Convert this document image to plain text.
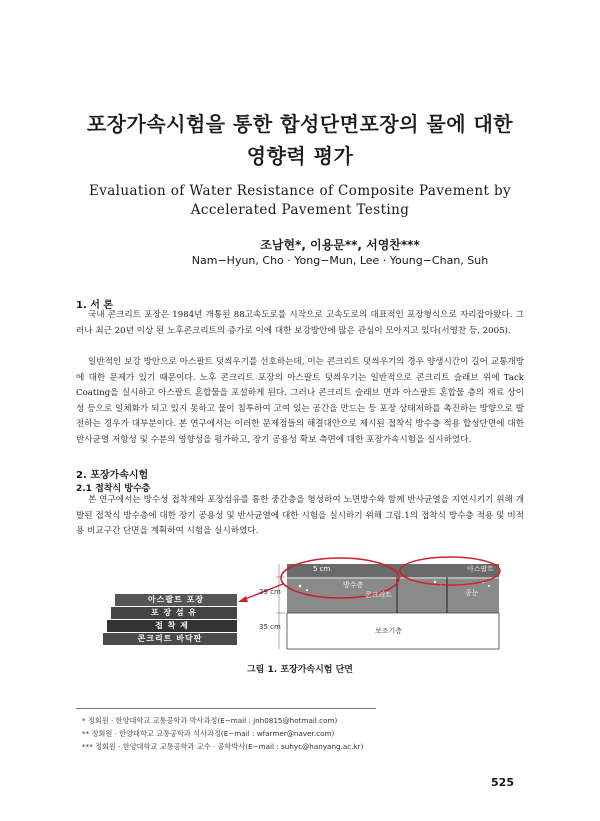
포장가속시험을 통한 합성단면포장의 물에 대한
영향력 평가
Evaluation of Water Resistance of Composite Pavement by
Accelerated Pavement Testing
조남현*, 이용문**, 서영찬***
Nam−Hyun, Cho · Yong−Mun, Lee · Young−Chan, Suh
1. 서 론

국내 콘크리트 포장은 1984년 개통된 88고속도로를 시작으로 고속도로의 대표적인 포장형식으로 자리잡아왔다. 그러나 최근 20년 이상 된 노후콘크리트의 증가로 이에 대한 보강방안에 많은 관심이 모아지고 있다(서영찬 등, 2005).

일반적인 보강 방안으로 아스팔트 덧씌우기를 선호하는데, 이는 콘크리트 덧씌우기의 경우 양생시간이 길어 교통개방에 대한 문제가 있기 때문이다. 노후 콘크리트 포장의 아스팔트 덧씌우기는 일반적으로 콘크리트 슬래브 위에 Tack Coating을 실시하고 아스팔트 혼합물을 포설하게 된다. 그러나 콘크리트 슬래브 면과 아스팔트 혼합물 층의 재료 상이성 등으로 일체화가 되고 있지 못하고 물이 침투하여 고여 있는 공간을 만드는 등 포장 상태저하를 촉진하는 방향으로 발전하는 경우가 대부분이다. 본 연구에서는 이러한 문제점들의 해결대안으로 제시된 접착식 방수층 적용 합성단면에 대한 반사균열 저항성 및 수분의 영향성을 평가하고, 장기 공용성 확보 측면에 대한 포장가속시험을 실시하였다.

2. 포장가속시험
2.1 접착식 방수층

본 연구에서는 방수성 접착제와 포장섬유를 통한 중간층을 형성하여 노면방수와 함께 반사균열을 지연시키기 위해 개발된 접착식 방수층에 대한 장기 공용성 및 반사균열에 대한 시험을 실시하기 위해 그림.1의 접착식 방수층 적용 및 비적용 비교구간 단면을 계획하여 시험을 실시하였다.

아스팔트 포장
포 장 섬 유
접 착 제
콘크리트 바닥판
5 cm
29 cm
35 cm
아스팔트
방수층
콘크리트	종눈
보조기층
그림 1. 포장가속시험 단면
* 정회원 · 한양대학교 교통공학과 박사과정(E−mail : jnh0815@hotmail.com)
** 정회원 · 한양대학교 교통공학과 석사과정(E−mail : wfarmer@naver.com)
*** 정회원 · 한양대학교 교통공학과 교수 · 공학박사(E−mail : suhyc@hanyang.ac.kr)
525
